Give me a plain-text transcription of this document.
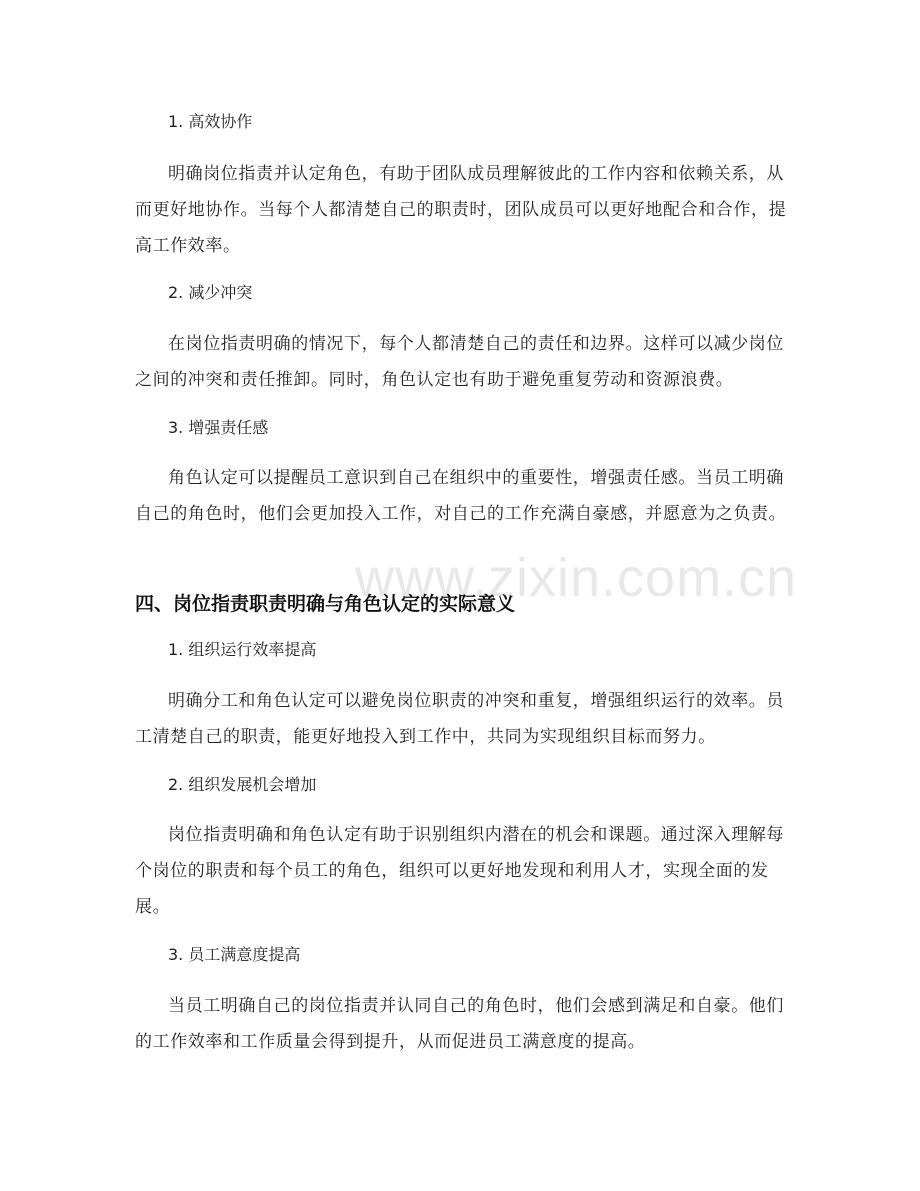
1. 高效协作
明确岗位指责并认定角色，有助于团队成员理解彼此的工作内容和依赖关系，从而更好地协作。当每个人都清楚自己的职责时，团队成员可以更好地配合和合作，提高工作效率。
2. 减少冲突
在岗位指责明确的情况下，每个人都清楚自己的责任和边界。这样可以减少岗位之间的冲突和责任推卸。同时，角色认定也有助于避免重复劳动和资源浪费。
3. 增强责任感
角色认定可以提醒员工意识到自己在组织中的重要性，增强责任感。当员工明确自己的角色时，他们会更加投入工作，对自己的工作充满自豪感，并愿意为之负责。
www.zixin.com.cn
四、岗位指责职责明确与角色认定的实际意义
1. 组织运行效率提高
明确分工和角色认定可以避免岗位职责的冲突和重复，增强组织运行的效率。员工清楚自己的职责，能更好地投入到工作中，共同为实现组织目标而努力。
2. 组织发展机会增加
岗位指责明确和角色认定有助于识别组织内潜在的机会和课题。通过深入理解每个岗位的职责和每个员工的角色，组织可以更好地发现和利用人才，实现全面的发展。
3. 员工满意度提高
当员工明确自己的岗位指责并认同自己的角色时，他们会感到满足和自豪。他们的工作效率和工作质量会得到提升，从而促进员工满意度的提高。
